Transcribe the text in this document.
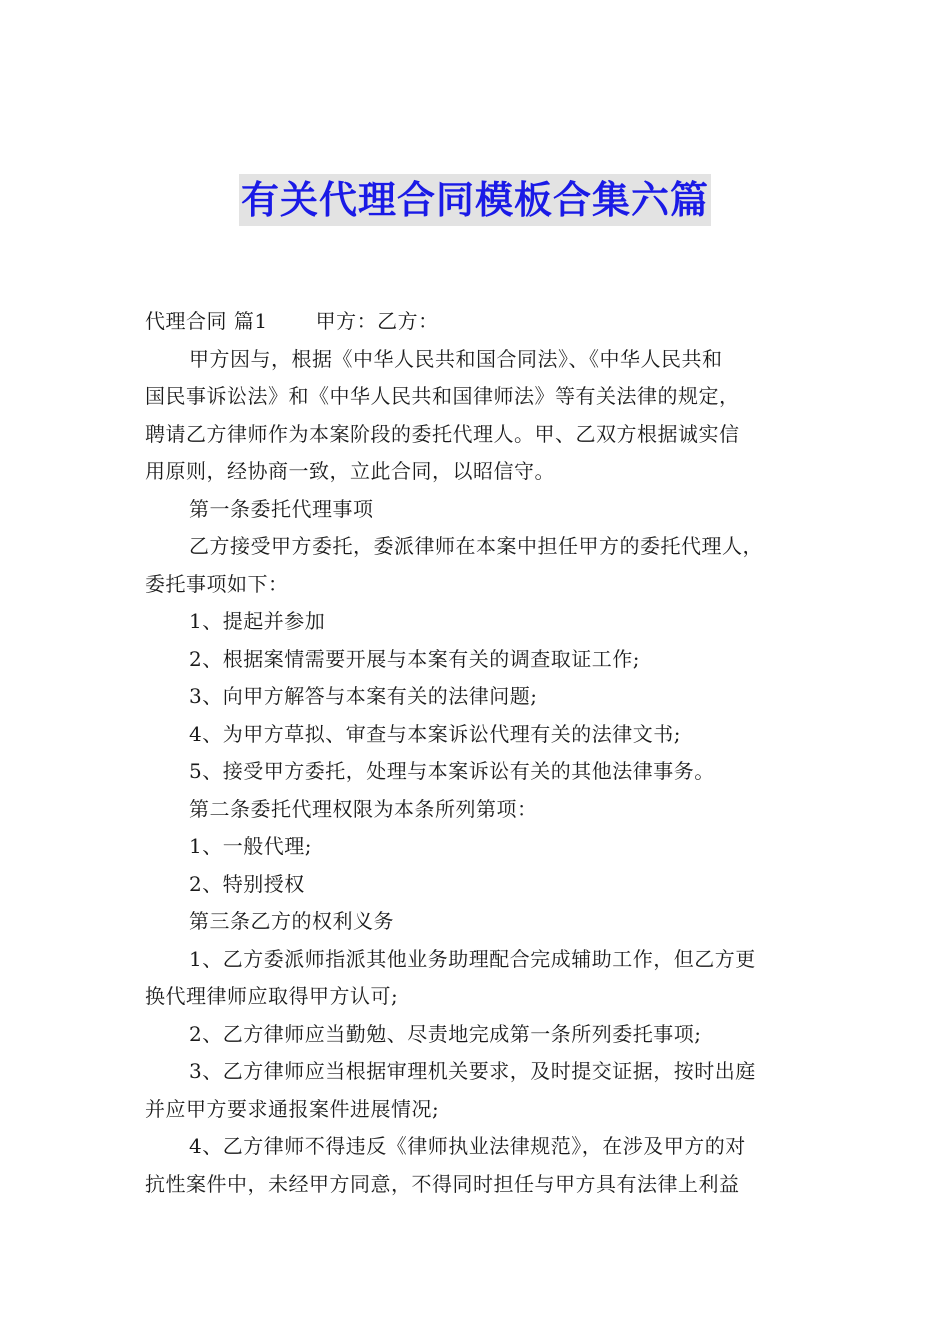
有关代理合同模板合集六篇
代理合同 篇1 甲方：乙方：
甲方因与，根据《中华人民共和国合同法》、《中华人民共和
国民事诉讼法》和《中华人民共和国律师法》等有关法律的规定，
聘请乙方律师作为本案阶段的委托代理人。甲、乙双方根据诚实信
用原则，经协商一致，立此合同，以昭信守。
第一条委托代理事项
乙方接受甲方委托，委派律师在本案中担任甲方的委托代理人，
委托事项如下：
1、提起并参加
2、根据案情需要开展与本案有关的调查取证工作;
3、向甲方解答与本案有关的法律问题;
4、为甲方草拟、审查与本案诉讼代理有关的法律文书;
5、接受甲方委托，处理与本案诉讼有关的其他法律事务。
第二条委托代理权限为本条所列第项：
1、一般代理;
2、特别授权
第三条乙方的权利义务
1、乙方委派师指派其他业务助理配合完成辅助工作，但乙方更
换代理律师应取得甲方认可;
2、乙方律师应当勤勉、尽责地完成第一条所列委托事项;
3、乙方律师应当根据审理机关要求，及时提交证据，按时出庭
并应甲方要求通报案件进展情况;
4、乙方律师不得违反《律师执业法律规范》，在涉及甲方的对
抗性案件中，未经甲方同意，不得同时担任与甲方具有法律上利益
